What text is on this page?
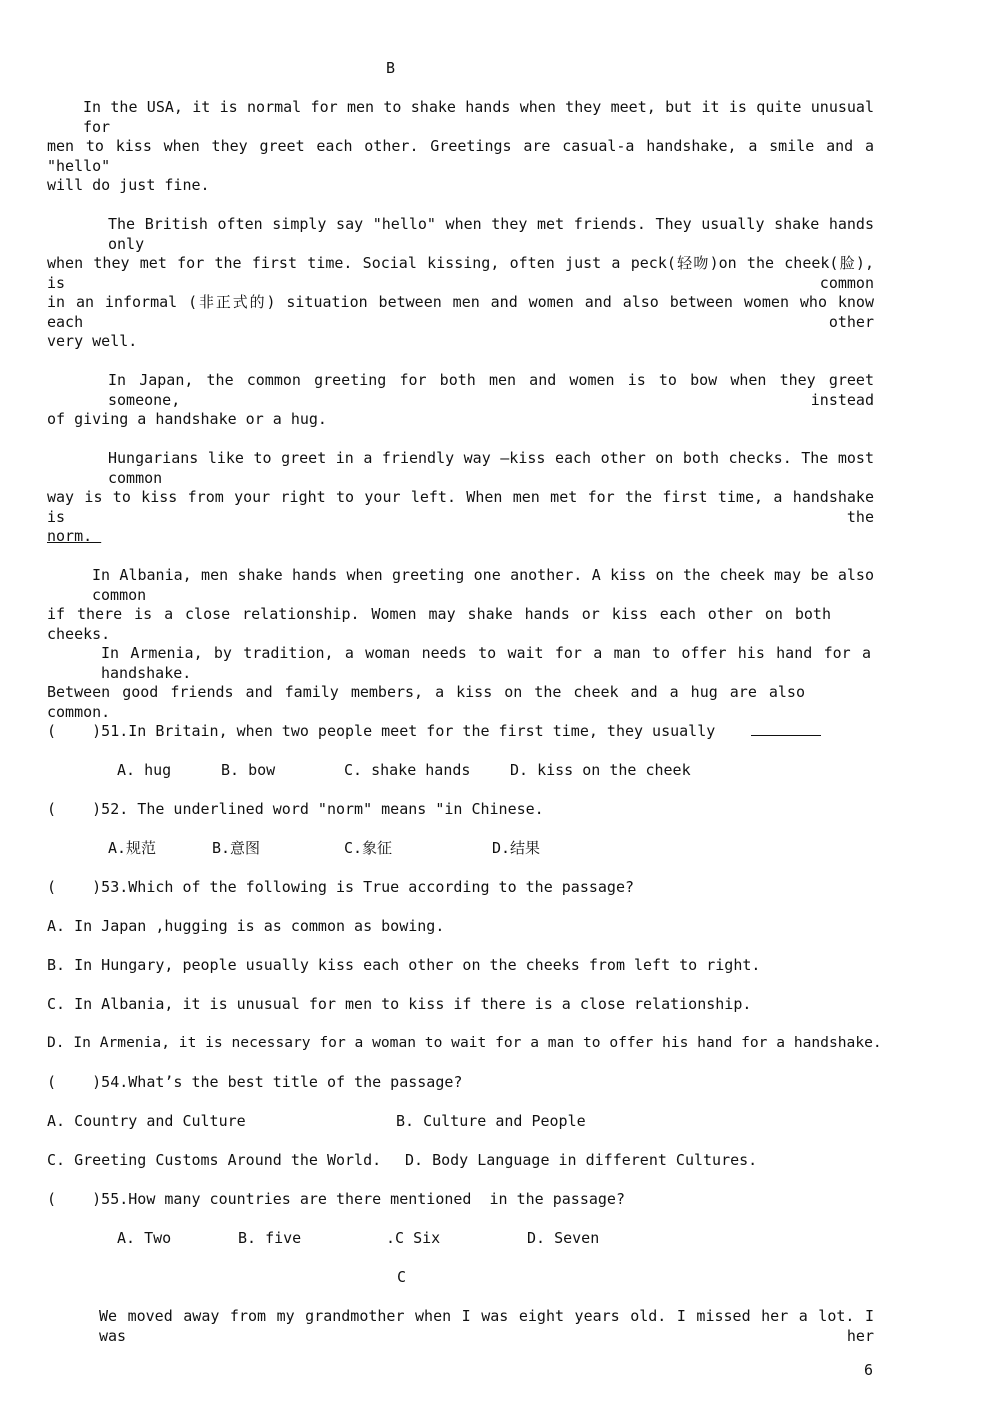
B
In the USA, it is normal for men to shake hands when they meet, but it is quite unusual for
men to kiss when they greet each other. Greetings are casual-a handshake, a smile and a "hello"
will do just fine.
The British often simply say "hello" when they met friends. They usually shake hands only
when they met for the first time. Social kissing, often just a peck(轻吻)on the cheek(脸), is common
in an informal (非正式的) situation between men and women and also between women who know each other
very well.
In Japan, the common greeting for both men and women is to bow when they greet someone, instead
of giving a handshake or a hug.
Hungarians like to greet in a friendly way —kiss each other on both checks. The most common
way is to kiss from your right to your left. When men met for the first time, a handshake is the
norm.
In Albania, men shake hands when greeting one another. A kiss on the cheek may be also common
if there is a close relationship. Women may shake hands or kiss each other on both cheeks.
In Armenia, by tradition, a woman needs to wait for a man to offer his hand for a handshake.
Between good friends and family members, a kiss on the cheek and a hug are also common.
(    )51.In Britain, when two people meet for the first time, they usually
A. hug	B. bow	C. shake hands	D. kiss on the cheek
(    )52. The underlined word "norm" means "in Chinese.
A.规范	B.意图	C.象征	D.结果
(    )53.Which of the following is True according to the passage?
A. In Japan ,hugging is as common as bowing.
B. In Hungary, people usually kiss each other on the cheeks from left to right.
C. In Albania, it is unusual for men to kiss if there is a close relationship.
D. In Armenia, it is necessary for a woman to wait for a man to offer his hand for a handshake.
(    )54.What’s the best title of the passage?
A. Country and Culture	B. Culture and People
C. Greeting Customs Around the World. D. Body Language in different Cultures.
(    )55.How many countries are there mentioned  in the passage?
A. Two	B. five	.C Six	D. Seven
C
We moved away from my grandmother when I was eight years old. I missed her a lot. I was her
6
